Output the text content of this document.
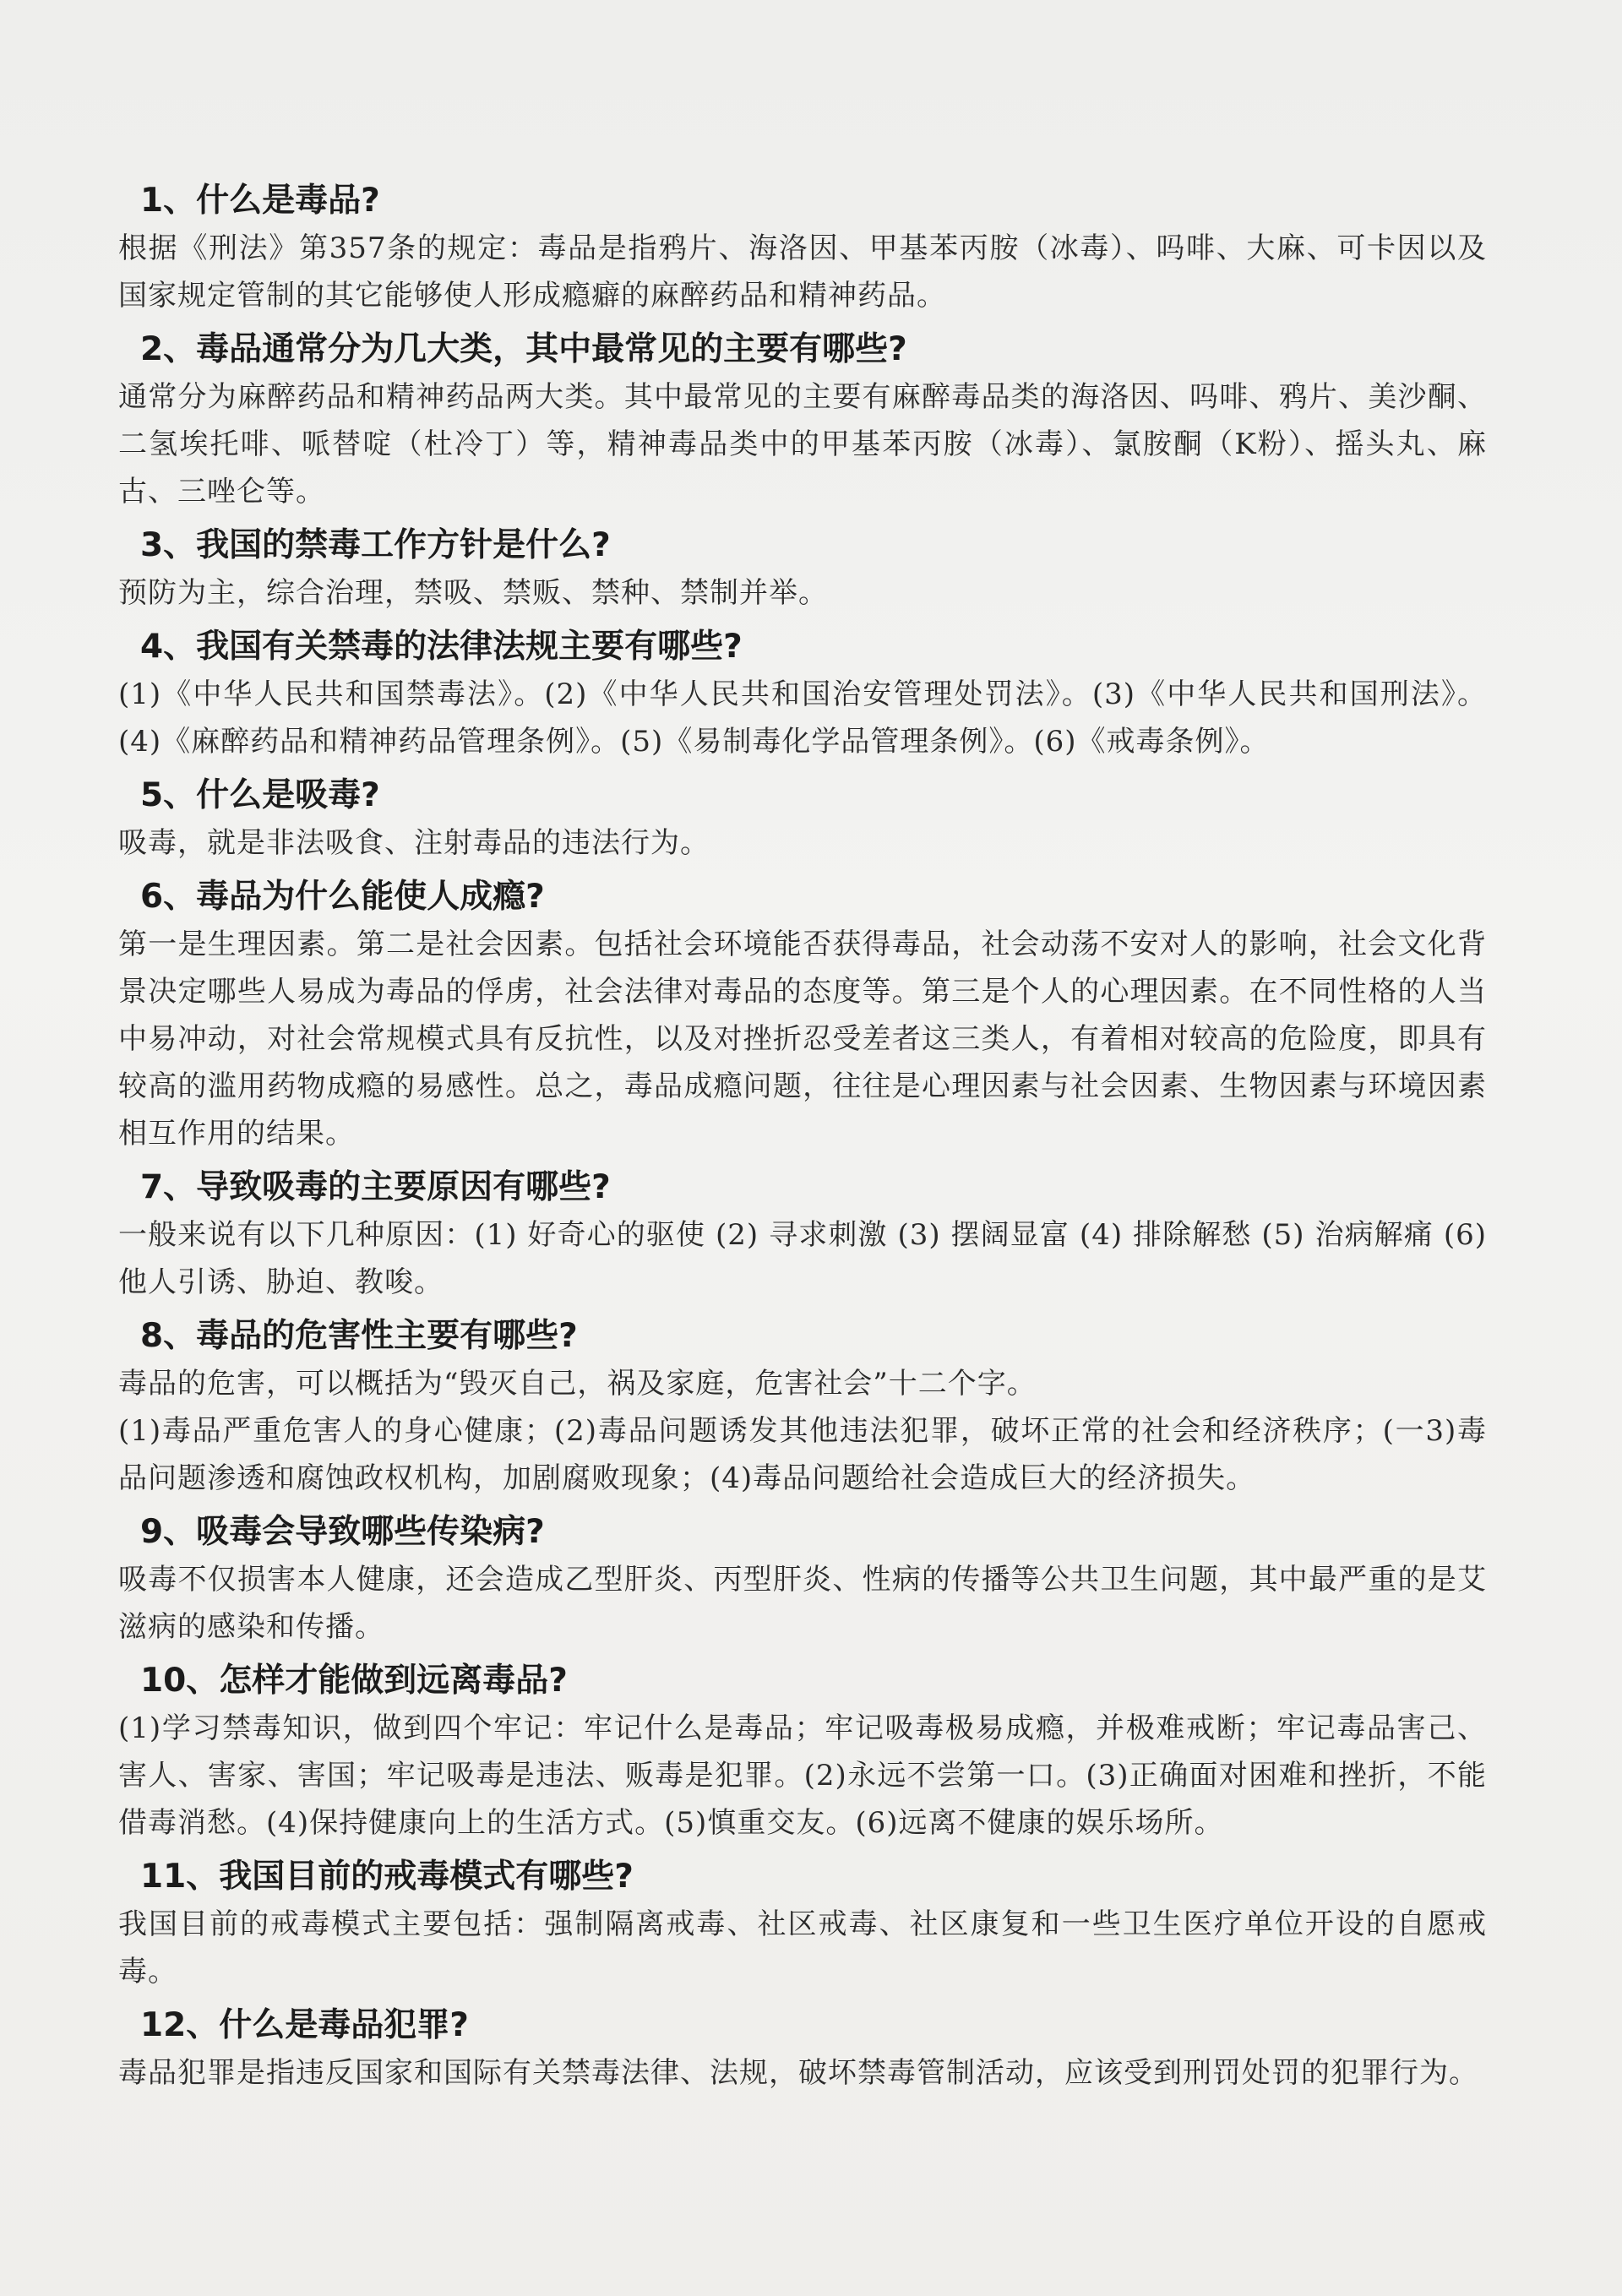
1、什么是毒品?

根据《刑法》第357条的规定：毒品是指鸦片、海洛因、甲基苯丙胺（冰毒）、吗啡、大麻、可卡因以及国家规定管制的其它能够使人形成瘾癖的麻醉药品和精神药品。

2、毒品通常分为几大类，其中最常见的主要有哪些?

通常分为麻醉药品和精神药品两大类。其中最常见的主要有麻醉毒品类的海洛因、吗啡、鸦片、美沙酮、二氢埃托啡、哌替啶（杜冷丁）等，精神毒品类中的甲基苯丙胺（冰毒）、氯胺酮（K粉）、摇头丸、麻古、三唑仑等。

3、我国的禁毒工作方针是什么?

预防为主，综合治理，禁吸、禁贩、禁种、禁制并举。

4、我国有关禁毒的法律法规主要有哪些?

(1)《中华人民共和国禁毒法》。(2)《中华人民共和国治安管理处罚法》。(3)《中华人民共和国刑法》。(4)《麻醉药品和精神药品管理条例》。(5)《易制毒化学品管理条例》。(6)《戒毒条例》。

5、什么是吸毒?

吸毒，就是非法吸食、注射毒品的违法行为。

6、毒品为什么能使人成瘾?

第一是生理因素。第二是社会因素。包括社会环境能否获得毒品，社会动荡不安对人的影响，社会文化背景决定哪些人易成为毒品的俘虏，社会法律对毒品的态度等。第三是个人的心理因素。在不同性格的人当中易冲动，对社会常规模式具有反抗性，以及对挫折忍受差者这三类人，有着相对较高的危险度，即具有较高的滥用药物成瘾的易感性。总之，毒品成瘾问题，往往是心理因素与社会因素、生物因素与环境因素相互作用的结果。

7、导致吸毒的主要原因有哪些?

一般来说有以下几种原因：(1) 好奇心的驱使 (2) 寻求刺激 (3) 摆阔显富 (4) 排除解愁 (5) 治病解痛 (6) 他人引诱、胁迫、教唆。

8、毒品的危害性主要有哪些?

毒品的危害，可以概括为“毁灭自己，祸及家庭，危害社会”十二个字。

(1)毒品严重危害人的身心健康；(2)毒品问题诱发其他违法犯罪，破坏正常的社会和经济秩序；(一3)毒品问题渗透和腐蚀政权机构，加剧腐败现象；(4)毒品问题给社会造成巨大的经济损失。

9、吸毒会导致哪些传染病?

吸毒不仅损害本人健康，还会造成乙型肝炎、丙型肝炎、性病的传播等公共卫生问题，其中最严重的是艾滋病的感染和传播。

10、怎样才能做到远离毒品?

(1)学习禁毒知识，做到四个牢记：牢记什么是毒品；牢记吸毒极易成瘾，并极难戒断；牢记毒品害己、害人、害家、害国；牢记吸毒是违法、贩毒是犯罪。(2)永远不尝第一口。(3)正确面对困难和挫折，不能借毒消愁。(4)保持健康向上的生活方式。(5)慎重交友。(6)远离不健康的娱乐场所。

11、我国目前的戒毒模式有哪些?

我国目前的戒毒模式主要包括：强制隔离戒毒、社区戒毒、社区康复和一些卫生医疗单位开设的自愿戒毒。

12、什么是毒品犯罪?

毒品犯罪是指违反国家和国际有关禁毒法律、法规，破坏禁毒管制活动，应该受到刑罚处罚的犯罪行为。
